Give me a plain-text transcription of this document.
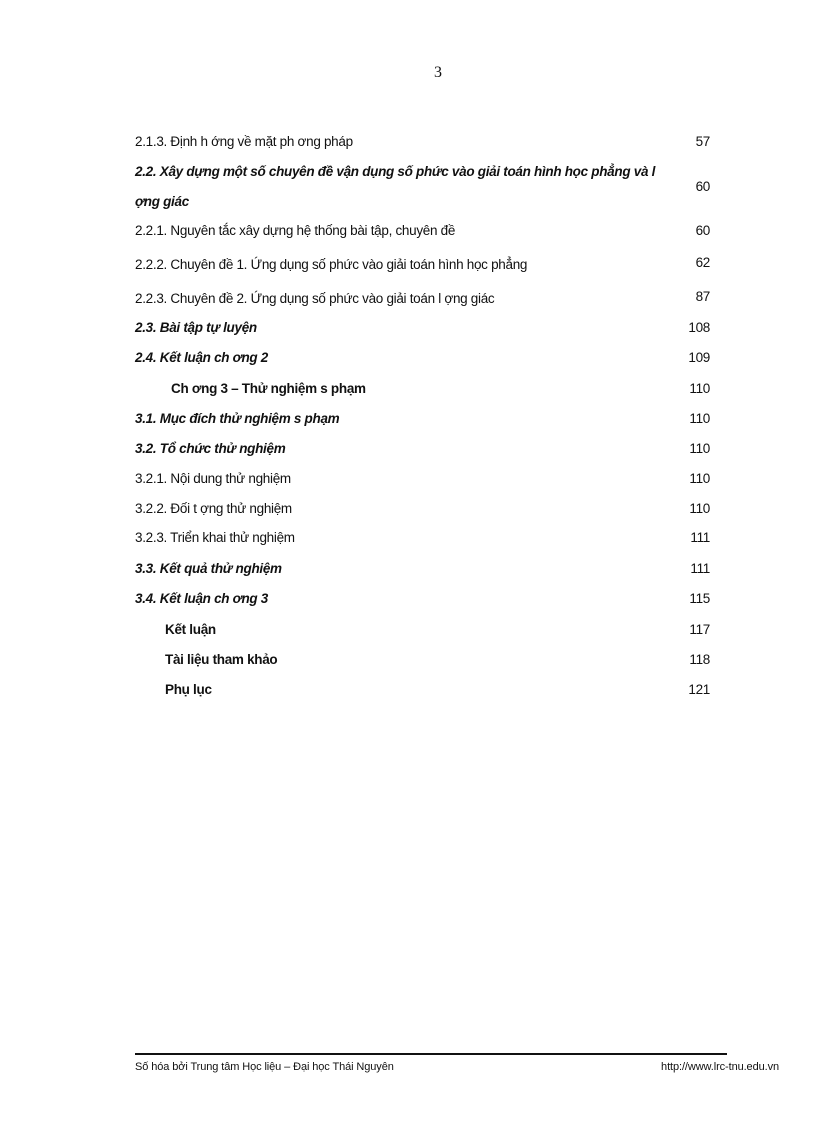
3
2.1.3. Định h ớng về mặt ph ơng pháp	57
2.2. Xây dựng một số chuyên đề vận dụng số phức vào giải toán hình học phẳng và l ợng giác
60
2.2.1. Nguyên tắc xây dựng hệ thống bài tập, chuyên đề	60
2.2.2. Chuyên đề 1. Ứng dụng số phức vào giải toán hình học phẳng	62
2.2.3. Chuyên đề 2. Ứng dụng số phức vào giải toán l ợng giác	87
2.3. Bài tập tự luyện	108
2.4. Kết luận ch ơng 2	109
Ch ơng 3 – Thử nghiệm s phạm	110
3.1. Mục đích thử nghiệm s phạm	110
3.2. Tổ chức thử nghiệm	110
3.2.1. Nội dung thử nghiệm	110
3.2.2. Đối t ợng thử nghiệm	110
3.2.3. Triển khai thử nghiệm	111
3.3. Kết quả thử nghiệm	111
3.4. Kết luận ch ơng 3	115
Kết luận	117
Tài liệu tham khảo	118
Phụ lục	121
Số hóa bởi Trung tâm Học liệu – Đại học Thái Nguyên	http://www.lrc-tnu.edu.vn
